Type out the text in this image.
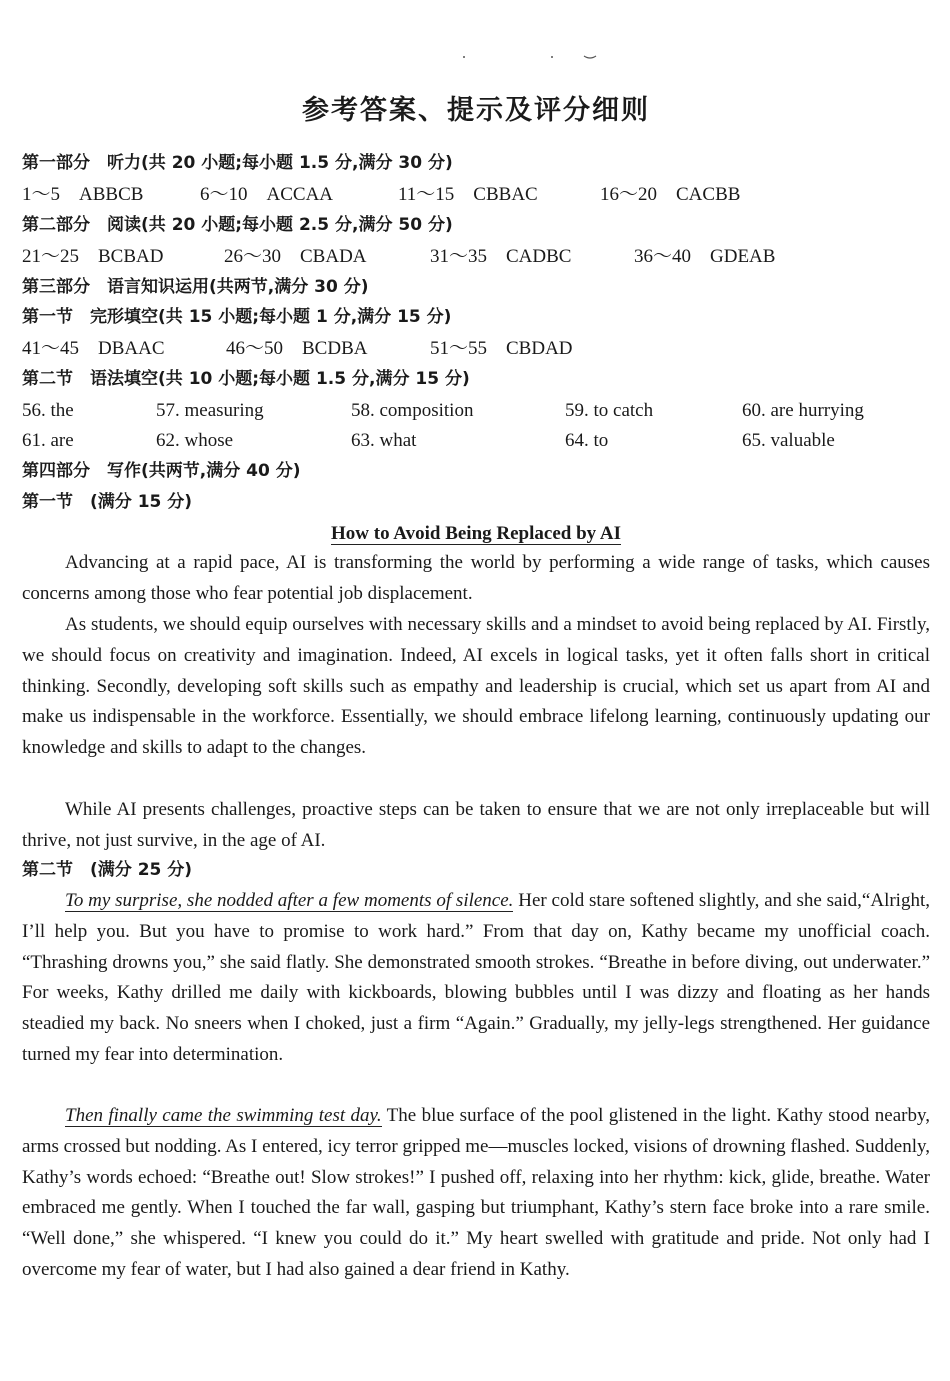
参考答案、提示及评分细则
第一部分　听力(共 20 小题;每小题 1.5 分,满分 30 分)
1～5　ABBCB	6～10　ACCAA	11～15　CBBAC	16～20　CACBB
第二部分　阅读(共 20 小题;每小题 2.5 分,满分 50 分)
21～25　BCBAD	26～30　CBADA	31～35　CADBC	36～40　GDEAB
第三部分　语言知识运用(共两节,满分 30 分)
第一节　完形填空(共 15 小题;每小题 1 分,满分 15 分)
41～45　DBAAC	46～50　BCDBA	51～55　CBDAD
第二节　语法填空(共 10 小题;每小题 1.5 分,满分 15 分)
56. the	57. measuring	58. composition	59. to catch	60. are hurrying
61. are	62. whose	63. what	64. to	65. valuable
第四部分　写作(共两节,满分 40 分)
第一节　(满分 15 分)
How to Avoid Being Replaced by AI

Advancing at a rapid pace, AI is transforming the world by performing a wide range of tasks, which causes concerns among those who fear potential job displacement.

As students, we should equip ourselves with necessary skills and a mindset to avoid being replaced by AI. Firstly, we should focus on creativity and imagination. Indeed, AI excels in logical tasks, yet it often falls short in critical thinking. Secondly, developing soft skills such as empathy and leadership is crucial, which set us apart from AI and make us indispensable in the workforce. Essentially, we should embrace lifelong learning, continuously updating our knowledge and skills to adapt to the changes.

While AI presents challenges, proactive steps can be taken to ensure that we are not only irreplaceable but will thrive, not just survive, in the age of AI.

第二节　(满分 25 分)

To my surprise, she nodded after a few moments of silence. Her cold stare softened slightly, and she said,“Alright, I’ll help you. But you have to promise to work hard.” From that day on, Kathy became my unofficial coach. “Thrashing drowns you,” she said flatly. She demonstrated smooth strokes. “Breathe in before diving, out underwater.” For weeks, Kathy drilled me daily with kickboards, blowing bubbles until I was dizzy and floating as her hands steadied my back. No sneers when I choked, just a firm “Again.” Gradually, my jelly-legs strengthened. Her guidance turned my fear into determination.

Then finally came the swimming test day. The blue surface of the pool glistened in the light. Kathy stood nearby, arms crossed but nodding. As I entered, icy terror gripped me—muscles locked, visions of drowning flashed. Suddenly, Kathy’s words echoed: “Breathe out! Slow strokes!” I pushed off, relaxing into her rhythm: kick, glide, breathe. Water embraced me gently. When I touched the far wall, gasping but triumphant, Kathy’s stern face broke into a rare smile. “Well done,” she whispered. “I knew you could do it.” My heart swelled with gratitude and pride. Not only had I overcome my fear of water, but I had also gained a dear friend in Kathy.
